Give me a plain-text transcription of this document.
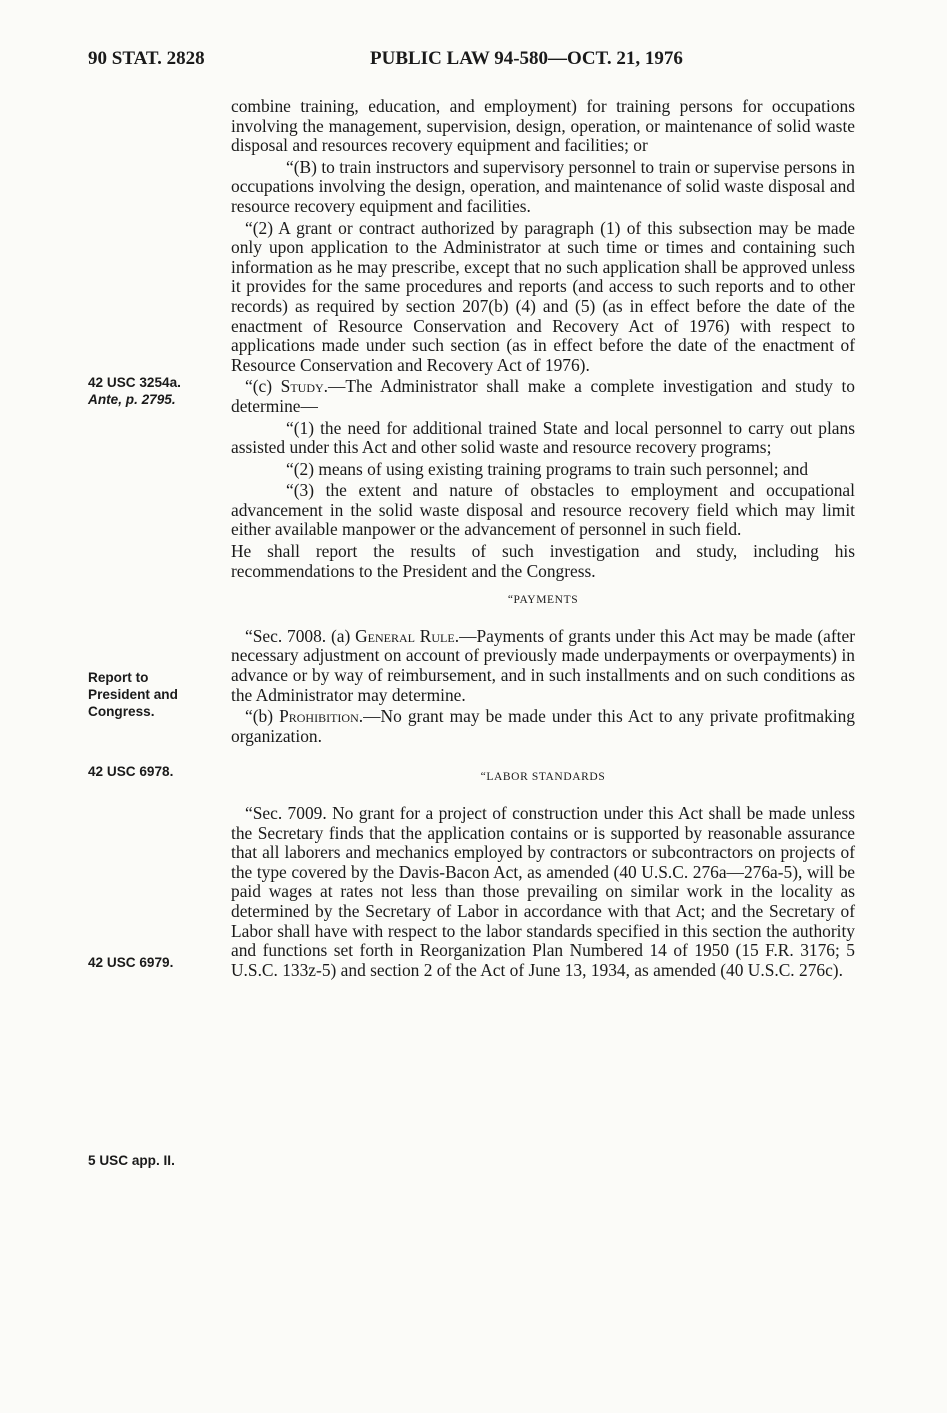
90 STAT. 2828	PUBLIC LAW 94-580—OCT. 21, 1976
42 USC 3254a.
Ante, p. 2795.
Report to
President and
Congress.
42 USC 6978.
42 USC 6979.
5 USC app. II.

combine training, education, and employment) for training persons for occupations involving the management, supervision, design, operation, or maintenance of solid waste disposal and resources recovery equipment and facilities; or

“(B) to train instructors and supervisory personnel to train or supervise persons in occupations involving the design, operation, and maintenance of solid waste disposal and resource recovery equipment and facilities.

“(2) A grant or contract authorized by paragraph (1) of this subsection may be made only upon application to the Administrator at such time or times and containing such information as he may prescribe, except that no such application shall be approved unless it provides for the same procedures and reports (and access to such reports and to other records) as required by section 207(b) (4) and (5) (as in effect before the date of the enactment of Resource Conservation and Recovery Act of 1976) with respect to applications made under such section (as in effect before the date of the enactment of Resource Conservation and Recovery Act of 1976).

“(c) Study.—The Administrator shall make a complete investigation and study to determine—

“(1) the need for additional trained State and local personnel to carry out plans assisted under this Act and other solid waste and resource recovery programs;

“(2) means of using existing training programs to train such personnel; and

“(3) the extent and nature of obstacles to employment and occupational advancement in the solid waste disposal and resource recovery field which may limit either available manpower or the advancement of personnel in such field.

He shall report the results of such investigation and study, including his recommendations to the President and the Congress.

“PAYMENTS

“Sec. 7008. (a) General Rule.—Payments of grants under this Act may be made (after necessary adjustment on account of previously made underpayments or overpayments) in advance or by way of reimbursement, and in such installments and on such conditions as the Administrator may determine.

“(b) Prohibition.—No grant may be made under this Act to any private profitmaking organization.

“LABOR STANDARDS

“Sec. 7009. No grant for a project of construction under this Act shall be made unless the Secretary finds that the application contains or is supported by reasonable assurance that all laborers and mechanics employed by contractors or subcontractors on projects of the type covered by the Davis-Bacon Act, as amended (40 U.S.C. 276a—276a-5), will be paid wages at rates not less than those prevailing on similar work in the locality as determined by the Secretary of Labor in accordance with that Act; and the Secretary of Labor shall have with respect to the labor standards specified in this section the authority and functions set forth in Reorganization Plan Numbered 14 of 1950 (15 F.R. 3176; 5 U.S.C. 133z-5) and section 2 of the Act of June 13, 1934, as amended (40 U.S.C. 276c).
